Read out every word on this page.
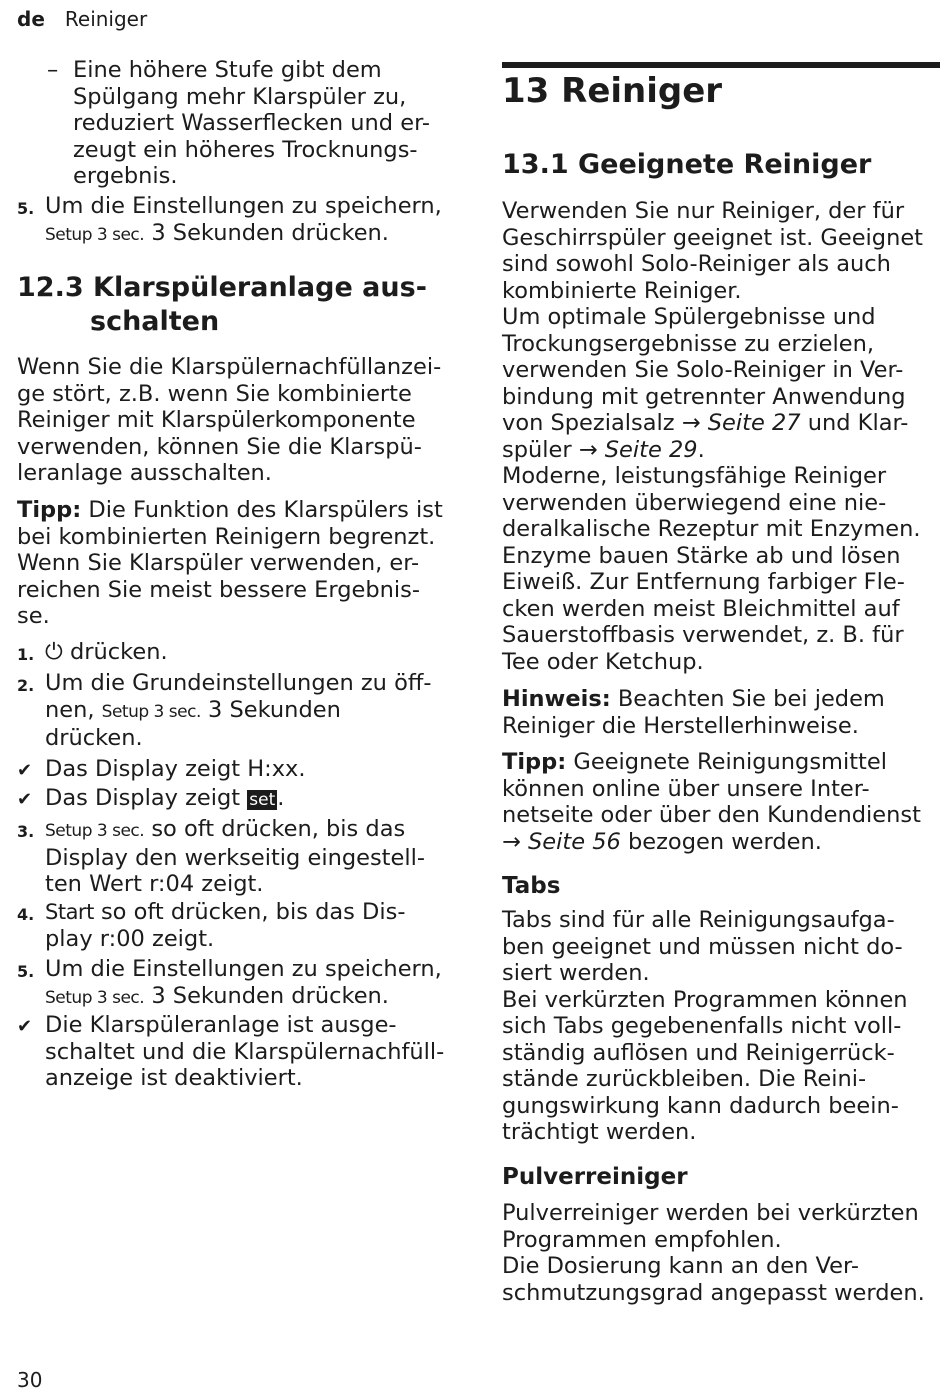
de Reiniger
– Eine höhere Stufe gibt dem
Spülgang mehr Klarspüler zu,
reduziert Wasserflecken und er-
zeugt ein höheres Trocknungs-
ergebnis.
5. Um die Einstellungen zu speichern,
Setup 3 sec. 3 Sekunden drücken.
12.3 Klarspüleranlage aus-
schalten
Wenn Sie die Klarspülernachfüllanzei-
ge stört, z.B. wenn Sie kombinierte
Reiniger mit Klarspülerkomponente
verwenden, können Sie die Klarspü-
leranlage ausschalten.
Tipp: Die Funktion des Klarspülers ist
bei kombinierten Reinigern begrenzt.
Wenn Sie Klarspüler verwenden, er-
reichen Sie meist bessere Ergebnis-
se.
1. ⏻ drücken.
2. Um die Grundeinstellungen zu öff-
nen, Setup 3 sec. 3 Sekunden
drücken.
✔ Das Display zeigt H:xx.
✔ Das Display zeigt set.
3. Setup 3 sec. so oft drücken, bis das
Display den werkseitig eingestell-
ten Wert r:04 zeigt.
4. Start so oft drücken, bis das Dis-
play r:00 zeigt.
5. Um die Einstellungen zu speichern,
Setup 3 sec. 3 Sekunden drücken.
✔ Die Klarspüleranlage ist ausge-
schaltet und die Klarspülernachfüll-
anzeige ist deaktiviert.
13 Reiniger
13.1 Geeignete Reiniger
Verwenden Sie nur Reiniger, der für
Geschirrspüler geeignet ist. Geeignet
sind sowohl Solo-Reiniger als auch
kombinierte Reiniger.
Um optimale Spülergebnisse und
Trockungsergebnisse zu erzielen,
verwenden Sie Solo-Reiniger in Ver-
bindung mit getrennter Anwendung
von Spezialsalz → Seite 27 und Klar-
spüler → Seite 29.
Moderne, leistungsfähige Reiniger
verwenden überwiegend eine nie-
deralkalische Rezeptur mit Enzymen.
Enzyme bauen Stärke ab und lösen
Eiweiß. Zur Entfernung farbiger Fle-
cken werden meist Bleichmittel auf
Sauerstoffbasis verwendet, z. B. für
Tee oder Ketchup.
Hinweis: Beachten Sie bei jedem
Reiniger die Herstellerhinweise.
Tipp: Geeignete Reinigungsmittel
können online über unsere Inter-
netseite oder über den Kundendienst
→ Seite 56 bezogen werden.
Tabs
Tabs sind für alle Reinigungsaufga-
ben geeignet und müssen nicht do-
siert werden.
Bei verkürzten Programmen können
sich Tabs gegebenenfalls nicht voll-
ständig auflösen und Reinigerrück-
stände zurückbleiben. Die Reini-
gungswirkung kann dadurch beein-
trächtigt werden.
Pulverreiniger
Pulverreiniger werden bei verkürzten
Programmen empfohlen.
Die Dosierung kann an den Ver-
schmutzungsgrad angepasst werden.
30
